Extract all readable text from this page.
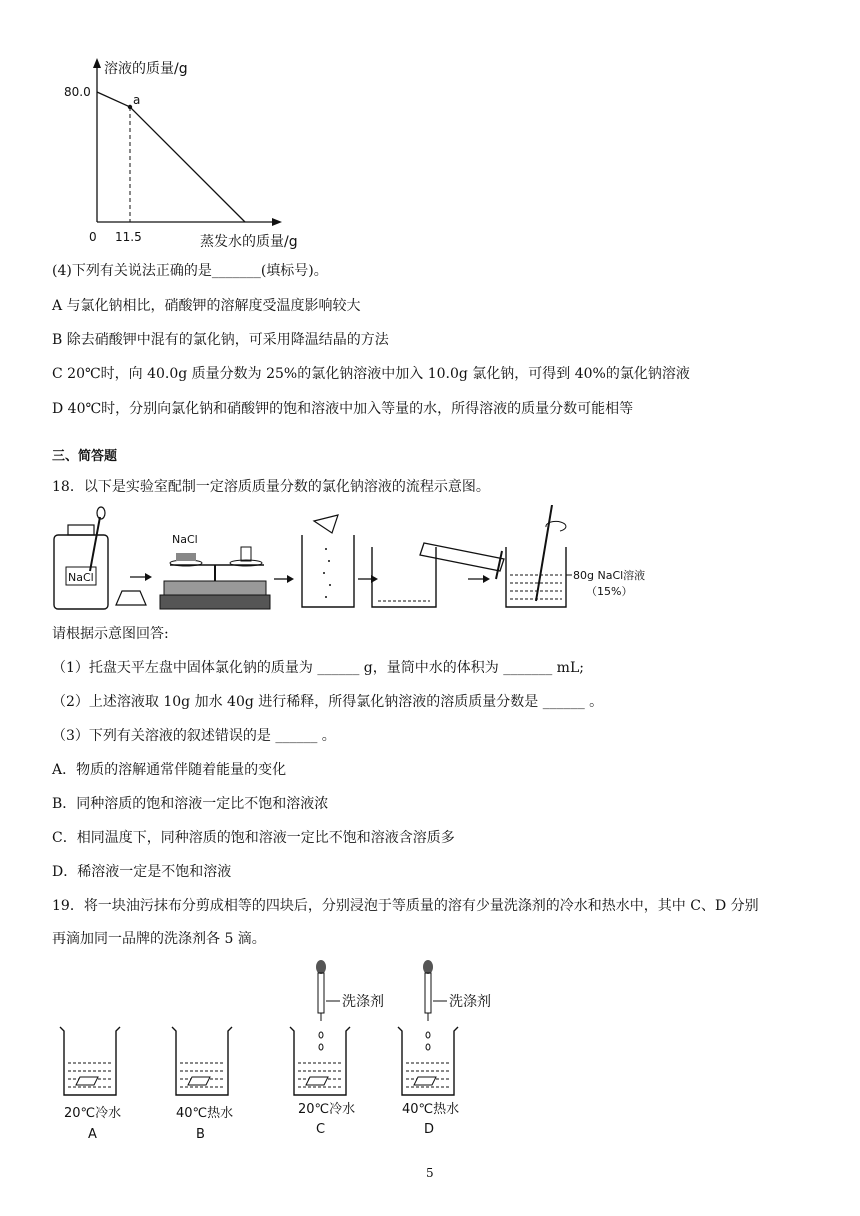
溶液的质量/g
80.0
a
0 11.5	蒸发水的质量/g
(4)下列有关说法正确的是_______(填标号)。
A 与氯化钠相比，硝酸钾的溶解度受温度影响较大
B 除去硝酸钾中混有的氯化钠，可采用降温结晶的方法
C 20℃时，向 40.0g 质量分数为 25%的氯化钠溶液中加入 10.0g 氯化钠，可得到 40%的氯化钠溶液
D 40℃时，分别向氯化钠和硝酸钾的饱和溶液中加入等量的水，所得溶液的质量分数可能相等
三、简答题
18．以下是实验室配制一定溶质质量分数的氯化钠溶液的流程示意图。
NaCl
NaCl
80g NaCl溶液
（15%）
请根据示意图回答:
（1）托盘天平左盘中固体氯化钠的质量为 ______ g，量筒中水的体积为 _______ mL;
（2）上述溶液取 10g 加水 40g 进行稀释，所得氯化钠溶液的溶质质量分数是 ______ 。
（3）下列有关溶液的叙述错误的是 ______ 。
A．物质的溶解通常伴随着能量的变化
B．同种溶质的饱和溶液一定比不饱和溶液浓
C．相同温度下，同种溶质的饱和溶液一定比不饱和溶液含溶质多
D．稀溶液一定是不饱和溶液
19．将一块油污抹布分剪成相等的四块后，分别浸泡于等质量的溶有少量洗涤剂的冷水和热水中，其中 C、D 分别
再滴加同一品牌的洗涤剂各 5 滴。
洗涤剂	洗涤剂
20℃冷水
A
40℃热水
B
20℃冷水
C
40℃热水
D
5
